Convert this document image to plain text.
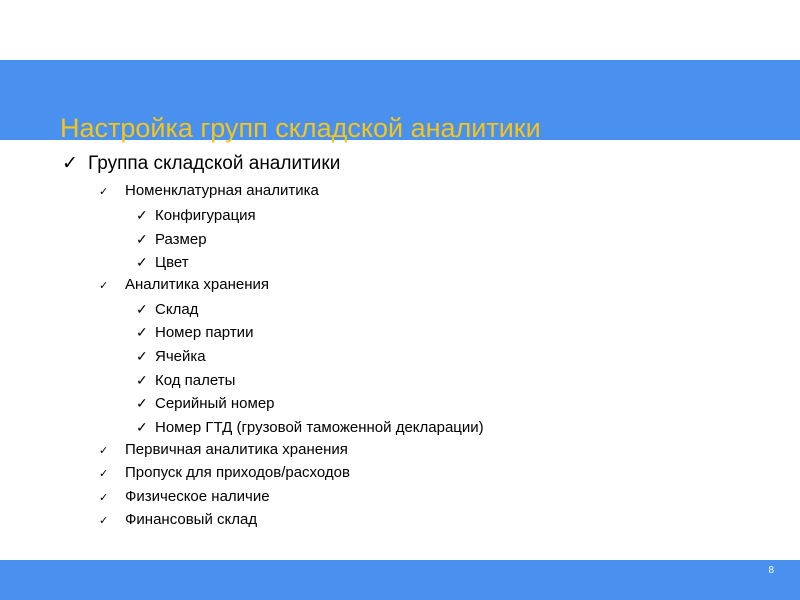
Настройка групп складской аналитики
✓ Группа складской аналитики
✓ Номенклатурная аналитика
✓ Конфигурация
✓ Размер
✓ Цвет
✓ Аналитика хранения
✓ Склад
✓ Номер партии
✓ Ячейка
✓ Код палеты
✓ Серийный номер
✓ Номер ГТД (грузовой таможенной декларации)
✓ Первичная аналитика хранения
✓ Пропуск для приходов/расходов
✓ Физическое наличие
✓ Финансовый склад
8
